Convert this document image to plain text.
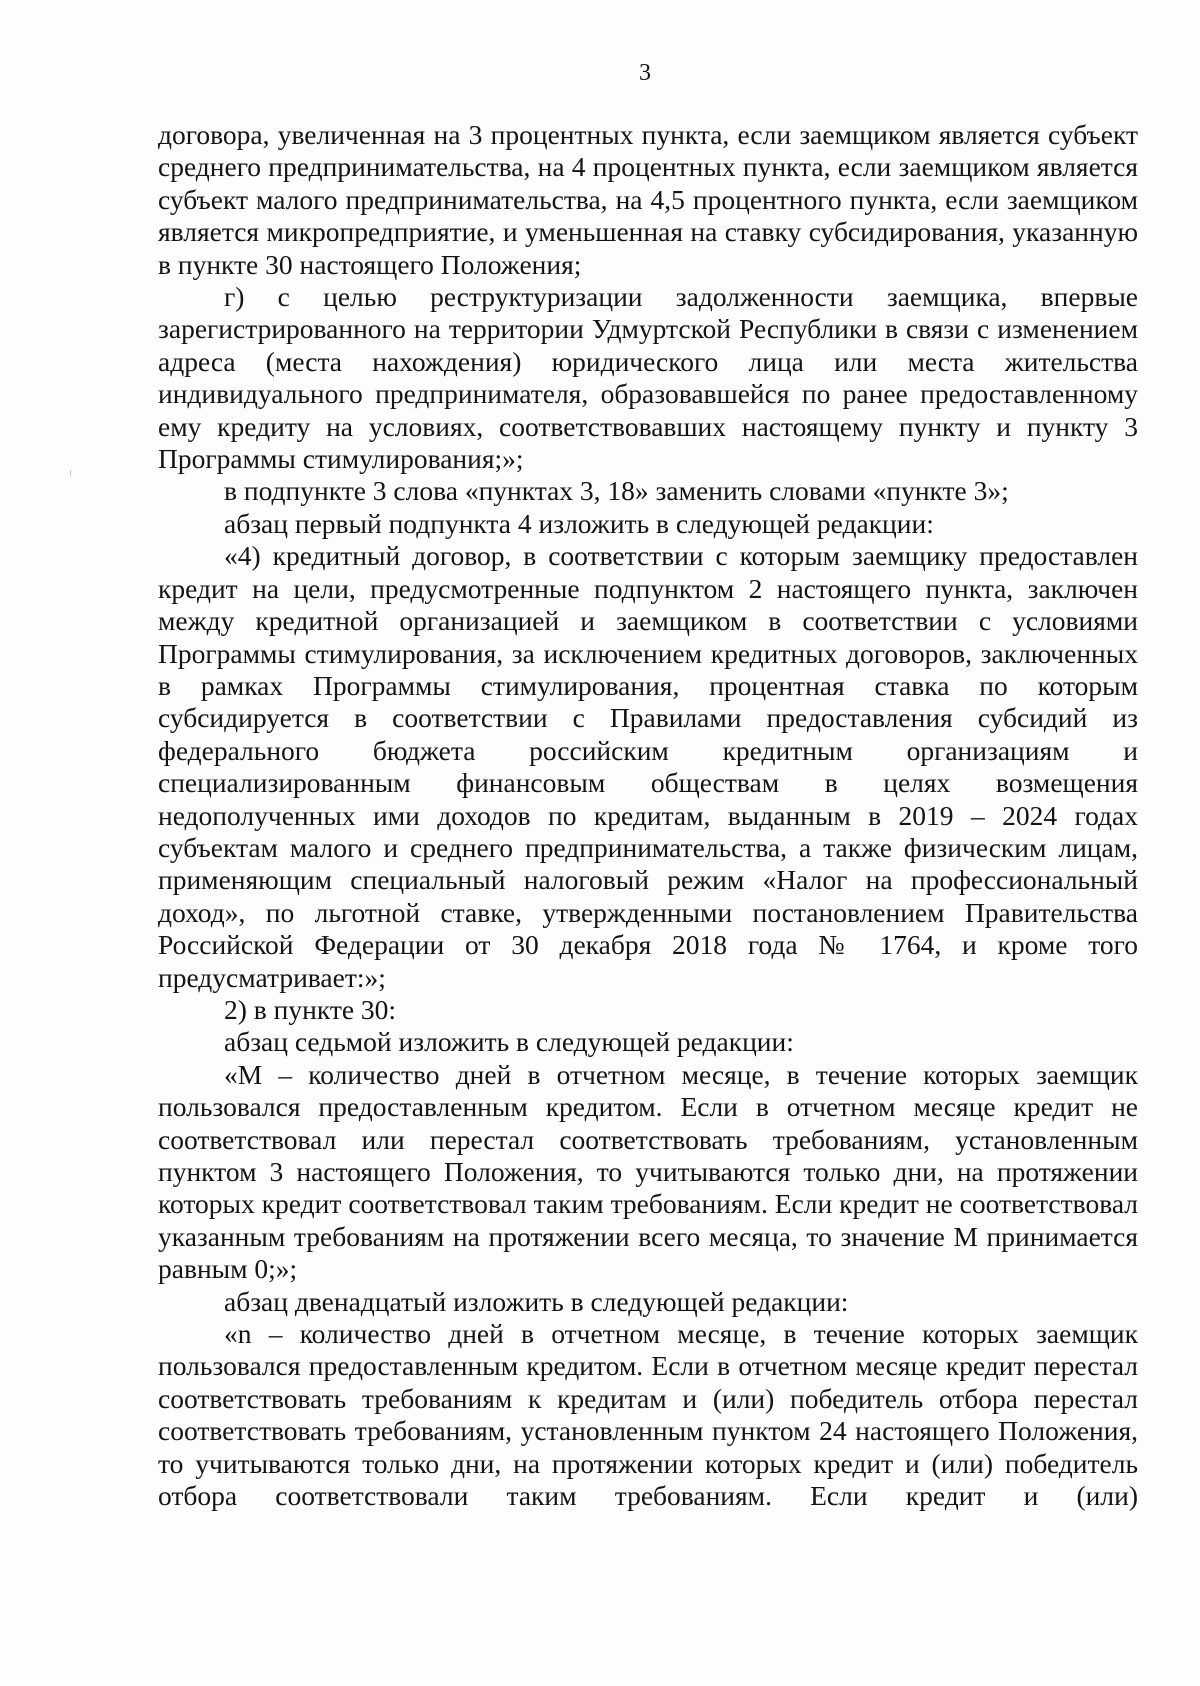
3

договора, увеличенная на 3 процентных пункта, если заемщиком является субъект среднего предпринимательства, на 4 процентных пункта, если заемщиком является субъект малого предпринимательства, на 4,5 процентного пункта, если заемщиком является микропредприятие, и уменьшенная на ставку субсидирования, указанную в пункте 30 настоящего Положения;

г) с целью реструктуризации задолженности заемщика, впервые зарегистрированного на территории Удмуртской Республики в связи с изменением адреса (места нахождения) юридического лица или места жительства индивидуального предпринимателя, образовавшейся по ранее предоставленному ему кредиту на условиях, соответствовавших настоящему пункту и пункту 3 Программы стимулирования;»;

в подпункте 3 слова «пунктах 3, 18» заменить словами «пункте 3»;

абзац первый подпункта 4 изложить в следующей редакции:

«4) кредитный договор, в соответствии с которым заемщику предоставлен кредит на цели, предусмотренные подпунктом 2 настоящего пункта, заключен между кредитной организацией и заемщиком в соответствии с условиями Программы стимулирования, за исключением кредитных договоров, заключенных в рамках Программы стимулирования, процентная ставка по которым субсидируется в соответствии с Правилами предоставления субсидий из федерального бюджета российским кредитным организациям и специализированным финансовым обществам в целях возмещения недополученных ими доходов по кредитам, выданным в 2019 – 2024 годах субъектам малого и среднего предпринимательства, а также физическим лицам, применяющим специальный налоговый режим «Налог на профессиональный доход», по льготной ставке, утвержденными постановлением Правительства Российской Федерации от 30 декабря 2018 года № 1764, и кроме того предусматривает:»;

2) в пункте 30:

абзац седьмой изложить в следующей редакции:

«M – количество дней в отчетном месяце, в течение которых заемщик пользовался предоставленным кредитом. Если в отчетном месяце кредит не соответствовал или перестал соответствовать требованиям, установленным пунктом 3 настоящего Положения, то учитываются только дни, на протяжении которых кредит соответствовал таким требованиям. Если кредит не соответствовал указанным требованиям на протяжении всего месяца, то значение M принимается равным 0;»;

абзац двенадцатый изложить в следующей редакции:

«n – количество дней в отчетном месяце, в течение которых заемщик пользовался предоставленным кредитом. Если в отчетном месяце кредит перестал соответствовать требованиям к кредитам и (или) победитель отбора перестал соответствовать требованиям, установленным пунктом 24 настоящего Положения, то учитываются только дни, на протяжении которых кредит и (или) победитель отбора соответствовали таким требованиям. Если кредит и (или)
